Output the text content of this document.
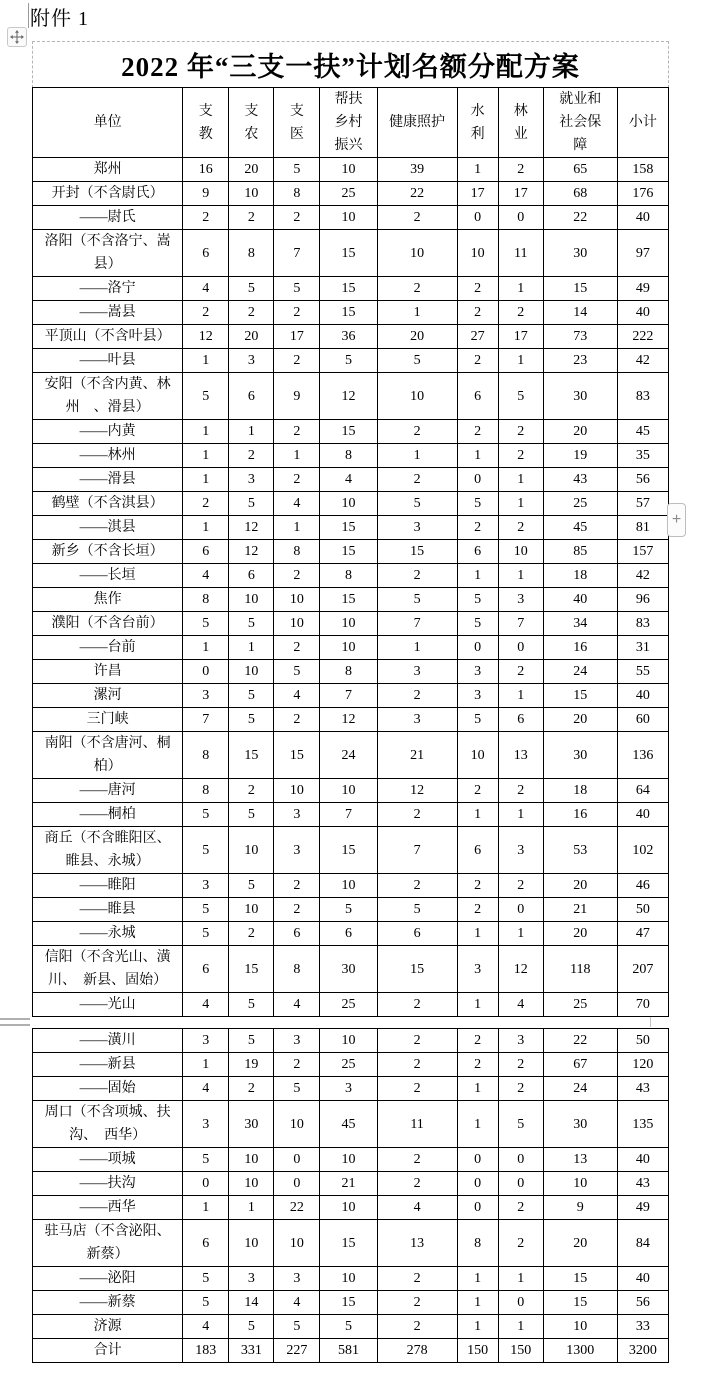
附件 1
2022 年“三支一扶”计划名额分配方案
单位	支教	支农	支医	帮扶乡村振兴	健康照护	水利	林业	就业和社会保障	小计
郑州	16	20	5	10	39	1	2	65	158
开封（不含尉氏）	9	10	8	25	22	17	17	68	176
——尉氏	2	2	2	10	2	0	0	22	40
洛阳（不含洛宁、嵩县）	6	8	7	15	10	10	11	30	97
——洛宁	4	5	5	15	2	2	1	15	49
——嵩县	2	2	2	15	1	2	2	14	40
平顶山（不含叶县）	12	20	17	36	20	27	17	73	222
——叶县	1	3	2	5	5	2	1	23	42
安阳（不含内黄、林州　、滑县）	5	6	9	12	10	6	5	30	83
——内黄	1	1	2	15	2	2	2	20	45
——林州	1	2	1	8	1	1	2	19	35
——滑县	1	3	2	4	2	0	1	43	56
鹤壁（不含淇县）	2	5	4	10	5	5	1	25	57
——淇县	1	12	1	15	3	2	2	45	81
新乡（不含长垣）	6	12	8	15	15	6	10	85	157
——长垣	4	6	2	8	2	1	1	18	42
焦作	8	10	10	15	5	5	3	40	96
濮阳（不含台前）	5	5	10	10	7	5	7	34	83
——台前	1	1	2	10	1	0	0	16	31
许昌	0	10	5	8	3	3	2	24	55
漯河	3	5	4	7	2	3	1	15	40
三门峡	7	5	2	12	3	5	6	20	60
南阳（不含唐河、桐柏）	8	15	15	24	21	10	13	30	136
——唐河	8	2	10	10	12	2	2	18	64
——桐柏	5	5	3	7	2	1	1	16	40
商丘（不含睢阳区、睢县、永城）	5	10	3	15	7	6	3	53	102
——睢阳	3	5	2	10	2	2	2	20	46
——睢县	5	10	2	5	5	2	0	21	50
——永城	5	2	6	6	6	1	1	20	47
信阳（不含光山、潢川、　新县、固始）	6	15	8	30	15	3	12	118	207
——光山	4	5	4	25	2	1	4	25	70
——潢川	3	5	3	10	2	2	3	22	50
——新县	1	19	2	25	2	2	2	67	120
——固始	4	2	5	3	2	1	2	24	43
周口（不含项城、扶沟、　西华）	3	30	10	45	11	1	5	30	135
——项城	5	10	0	10	2	0	0	13	40
——扶沟	0	10	0	21	2	0	0	10	43
——西华	1	1	22	10	4	0	2	9	49
驻马店（不含泌阳、新蔡）	6	10	10	15	13	8	2	20	84
——泌阳	5	3	3	10	2	1	1	15	40
——新蔡	5	14	4	15	2	1	0	15	56
济源	4	5	5	5	2	1	1	10	33
合计	183	331	227	581	278	150	150	1300	3200
+
